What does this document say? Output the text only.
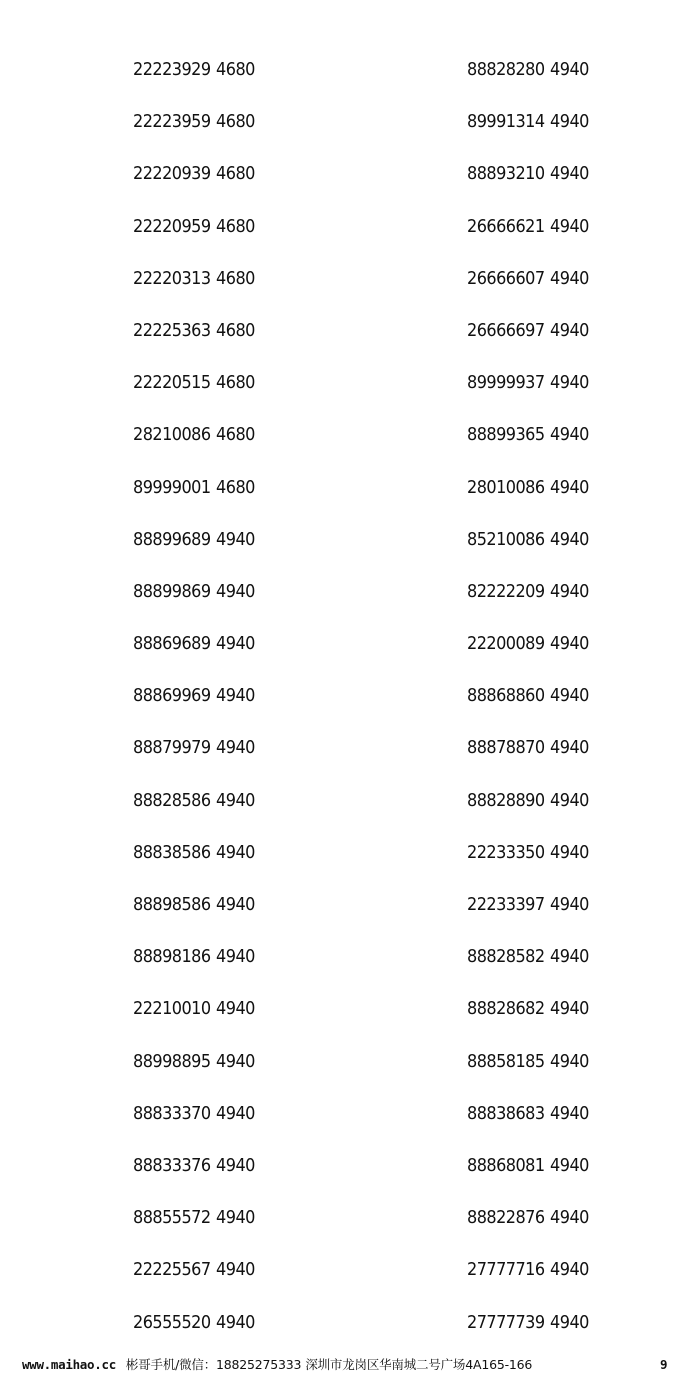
22223929 4680
22223959 4680
22220939 4680
22220959 4680
22220313 4680
22225363 4680
22220515 4680
28210086 4680
89999001 4680
88899689 4940
88899869 4940
88869689 4940
88869969 4940
88879979 4940
88828586 4940
88838586 4940
88898586 4940
88898186 4940
22210010 4940
88998895 4940
88833370 4940
88833376 4940
88855572 4940
22225567 4940
26555520 4940
88828280 4940
89991314 4940
88893210 4940
26666621 4940
26666607 4940
26666697 4940
89999937 4940
88899365 4940
28010086 4940
85210086 4940
82222209 4940
22200089 4940
88868860 4940
88878870 4940
88828890 4940
22233350 4940
22233397 4940
88828582 4940
88828682 4940
88858185 4940
88838683 4940
88868081 4940
88822876 4940
27777716 4940
27777739 4940
www.maihao.cc 彬哥手机/微信：18825275333 深圳市龙岗区华南城二号广场4A165-166	9
